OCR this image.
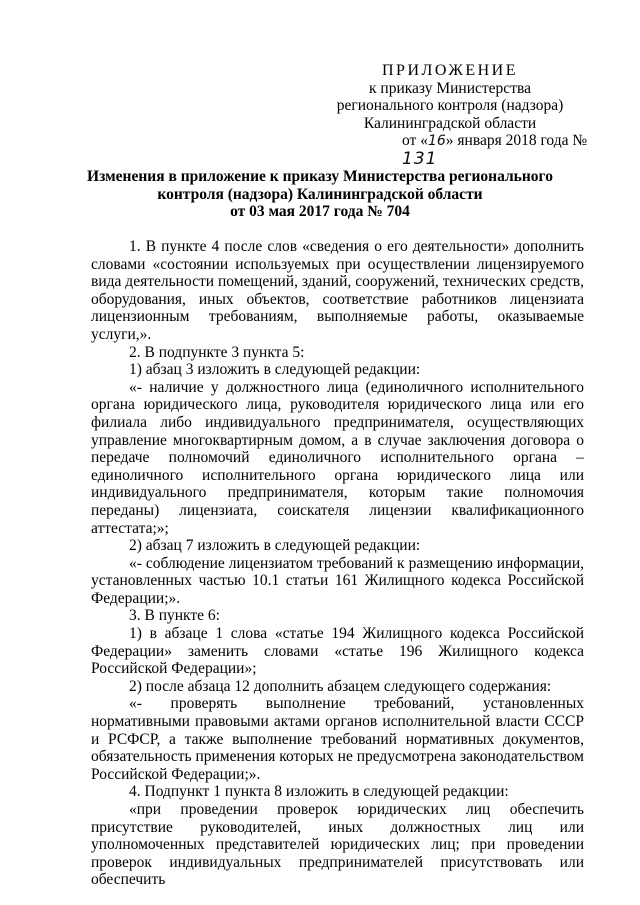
ПРИЛОЖЕНИЕ
к приказу Министерства
регионального контроля (надзора)
Калининградской области
от «16» января 2018 года № 131
Изменения в приложение к приказу Министерства регионального
контроля (надзора) Калининградской области
от 03 мая 2017 года № 704

1. В пункте 4 после слов «сведения о его деятельности» дополнить словами «состоянии используемых при осуществлении лицензируемого вида деятельности помещений, зданий, сооружений, технических средств, оборудования, иных объектов, соответствие работников лицензиата лицензионным требованиям, выполняемые работы, оказываемые услуги,».

2. В подпункте 3 пункта 5:

1) абзац 3 изложить в следующей редакции:

«- наличие у должностного лица (единоличного исполнительного органа юридического лица, руководителя юридического лица или его филиала либо индивидуального предпринимателя, осуществляющих управление многоквартирным домом, а в случае заключения договора о передаче полномочий единоличного исполнительного органа – единоличного исполнительного органа юридического лица или индивидуального предпринимателя, которым такие полномочия переданы) лицензиата, соискателя лицензии квалификационного аттестата;»;

2) абзац 7 изложить в следующей редакции:

«- соблюдение лицензиатом требований к размещению информации, установленных частью 10.1 статьи 161 Жилищного кодекса Российской Федерации;».

3. В пункте 6:

1) в абзаце 1 слова «статье 194 Жилищного кодекса Российской Федерации» заменить словами «статье 196 Жилищного кодекса Российской Федерации»;

2) после абзаца 12 дополнить абзацем следующего содержания:

«- проверять выполнение требований, установленных нормативными правовыми актами органов исполнительной власти СССР и РСФСР, а также выполнение требований нормативных документов, обязательность применения которых не предусмотрена законодательством Российской Федерации;».

4. Подпункт 1 пункта 8 изложить в следующей редакции:

«при проведении проверок юридических лиц обеспечить присутствие руководителей, иных должностных лиц или уполномоченных представителей юридических лиц; при проведении проверок индивидуальных предпринимателей присутствовать или обеспечить
